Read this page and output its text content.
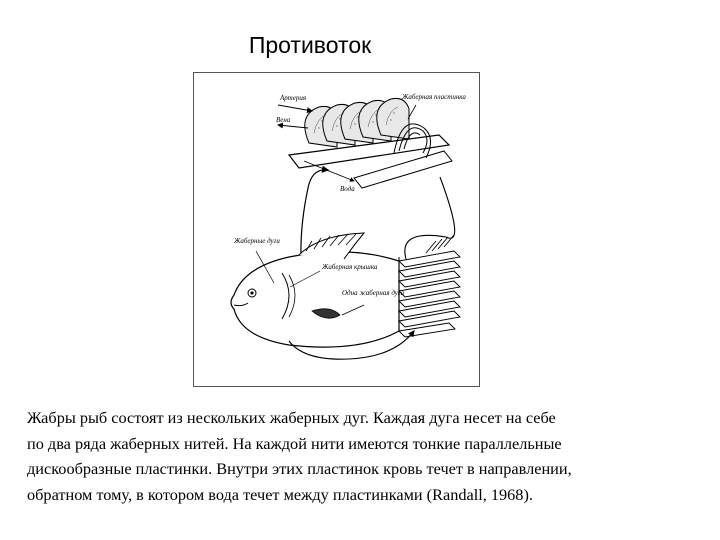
Противоток
Артерия
Вена
Жаберная пластинка
Вода
Жаберные дуги
Жаберная крышка
Одна жаберная дуга
Жабры рыб состоят из нескольких жаберных дуг. Каждая дуга несет на себе
по два ряда жаберных нитей. На каждой нити имеются тонкие параллельные
дискообразные пластинки. Внутри этих пластинок кровь течет в направлении,
обратном тому, в котором вода течет между пластинками (Randall, 1968).
